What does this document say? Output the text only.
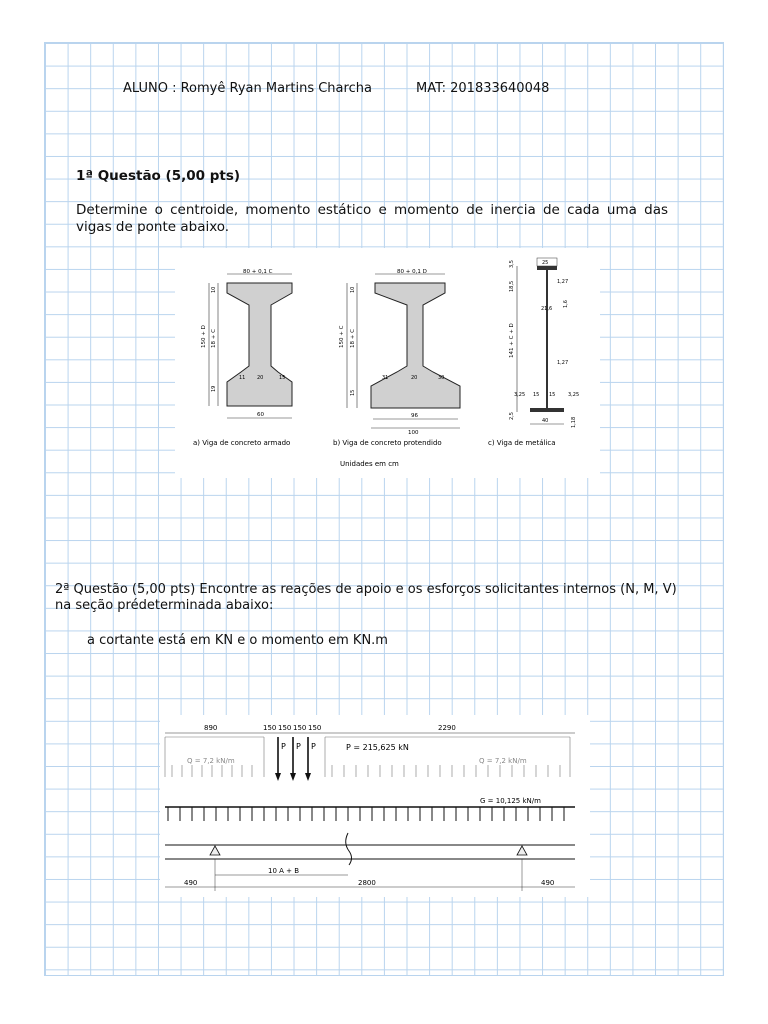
ALUNO : Romyê Ryan Martins Charcha	MAT: 201833640048
1ª Questão (5,00 pts)
Determine o centroide, momento estático e momento de inercia de cada uma das vigas de ponte abaixo.
80 + 0,1 C
150 + D 18 + C
10
19
11 20	15
60
a) Viga de concreto armado
80 + 0,1 D
150 + C 18 + C
10
15
31	20	30
96
100
b) Viga de concreto protendido
Unidades em cm
25
3,5
18,5
141 + C + D
2,5
1,27
21,6
1,6
1,27
3,25 15 15	3,25
40	1,18
c) Viga de metálica
2ª Questão (5,00 pts) Encontre as reações de apoio e os esforços solicitantes internos (N, M, V) na seção prédeterminada abaixo:
a cortante está em KN e o momento em KN.m
890	150 150 150 150	2290
Q = 7,2 kN/m
P P P	P = 215,625 kN
Q = 7,2 kN/m
G = 10,125 kN/m
10 A + B
490	2800	490
